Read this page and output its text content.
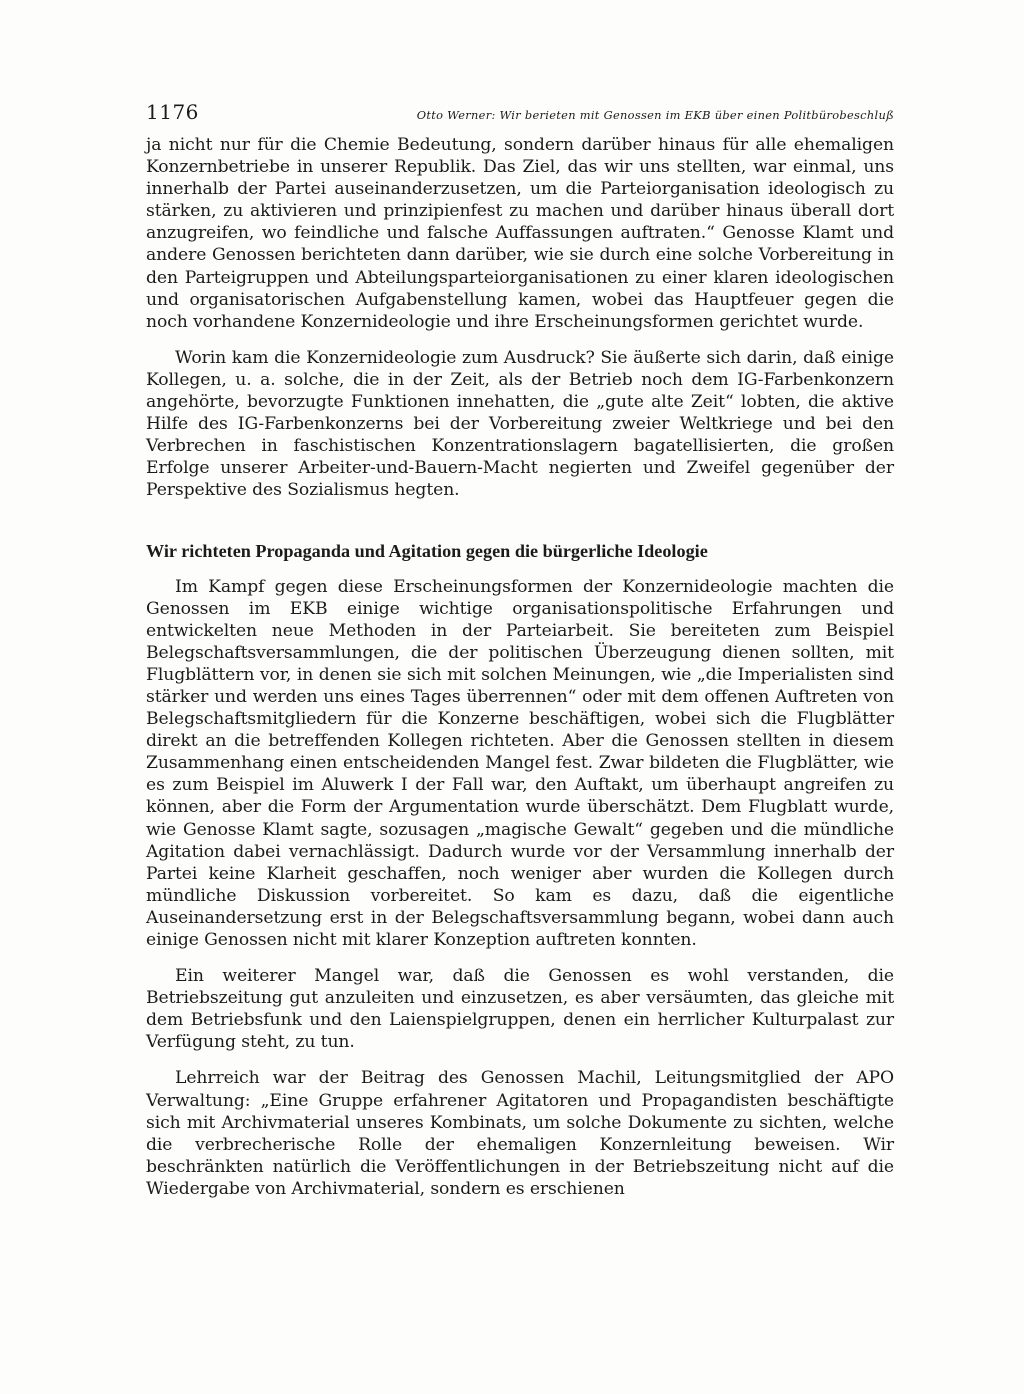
1176	Otto Werner: Wir berieten mit Genossen im EKB über einen Politbürobeschluß

ja nicht nur für die Chemie Bedeutung, sondern darüber hinaus für alle ehemaligen Konzernbetriebe in unserer Republik. Das Ziel, das wir uns stellten, war einmal, uns innerhalb der Partei auseinanderzusetzen, um die Parteiorganisation ideologisch zu stärken, zu aktivieren und prinzipienfest zu machen und darüber hinaus überall dort anzugreifen, wo feindliche und falsche Auffassungen auftraten.“ Genosse Klamt und andere Genossen berichteten dann darüber, wie sie durch eine solche Vorbereitung in den Parteigruppen und Abteilungsparteiorganisationen zu einer klaren ideologischen und organisatorischen Aufgabenstellung kamen, wobei das Hauptfeuer gegen die noch vorhandene Konzernideologie und ihre Erscheinungsformen gerichtet wurde.

Worin kam die Konzernideologie zum Ausdruck? Sie äußerte sich darin, daß einige Kollegen, u. a. solche, die in der Zeit, als der Betrieb noch dem IG-Farbenkonzern angehörte, bevorzugte Funktionen innehatten, die „gute alte Zeit“ lobten, die aktive Hilfe des IG-Farbenkonzerns bei der Vorbereitung zweier Weltkriege und bei den Verbrechen in faschistischen Konzentrationslagern bagatellisierten, die großen Erfolge unserer Arbeiter-und-Bauern-Macht negierten und Zweifel gegenüber der Perspektive des Sozialismus hegten.

Wir richteten Propaganda und Agitation gegen die bürgerliche Ideologie

Im Kampf gegen diese Erscheinungsformen der Konzernideologie machten die Genossen im EKB einige wichtige organisationspolitische Erfahrungen und entwickelten neue Methoden in der Parteiarbeit. Sie bereiteten zum Beispiel Belegschaftsversammlungen, die der politischen Überzeugung dienen sollten, mit Flugblättern vor, in denen sie sich mit solchen Meinungen, wie „die Imperialisten sind stärker und werden uns eines Tages überrennen“ oder mit dem offenen Auftreten von Belegschaftsmitgliedern für die Konzerne beschäftigen, wobei sich die Flugblätter direkt an die betreffenden Kollegen richteten. Aber die Genossen stellten in diesem Zusammenhang einen entscheidenden Mangel fest. Zwar bildeten die Flugblätter, wie es zum Beispiel im Aluwerk I der Fall war, den Auftakt, um überhaupt angreifen zu können, aber die Form der Argumentation wurde überschätzt. Dem Flugblatt wurde, wie Genosse Klamt sagte, sozusagen „magische Gewalt“ gegeben und die mündliche Agitation dabei vernachlässigt. Dadurch wurde vor der Versammlung innerhalb der Partei keine Klarheit geschaffen, noch weniger aber wurden die Kollegen durch mündliche Diskussion vorbereitet. So kam es dazu, daß die eigentliche Auseinandersetzung erst in der Belegschaftsversammlung begann, wobei dann auch einige Genossen nicht mit klarer Konzeption auftreten konnten.

Ein weiterer Mangel war, daß die Genossen es wohl verstanden, die Betriebszeitung gut anzuleiten und einzusetzen, es aber versäumten, das gleiche mit dem Betriebsfunk und den Laienspielgruppen, denen ein herrlicher Kulturpalast zur Verfügung steht, zu tun.

Lehrreich war der Beitrag des Genossen Machil, Leitungsmitglied der APO Verwaltung: „Eine Gruppe erfahrener Agitatoren und Propagandisten beschäftigte sich mit Archivmaterial unseres Kombinats, um solche Dokumente zu sichten, welche die verbrecherische Rolle der ehemaligen Konzernleitung beweisen. Wir beschränkten natürlich die Veröffentlichungen in der Betriebszeitung nicht auf die Wiedergabe von Archivmaterial, sondern es erschienen
